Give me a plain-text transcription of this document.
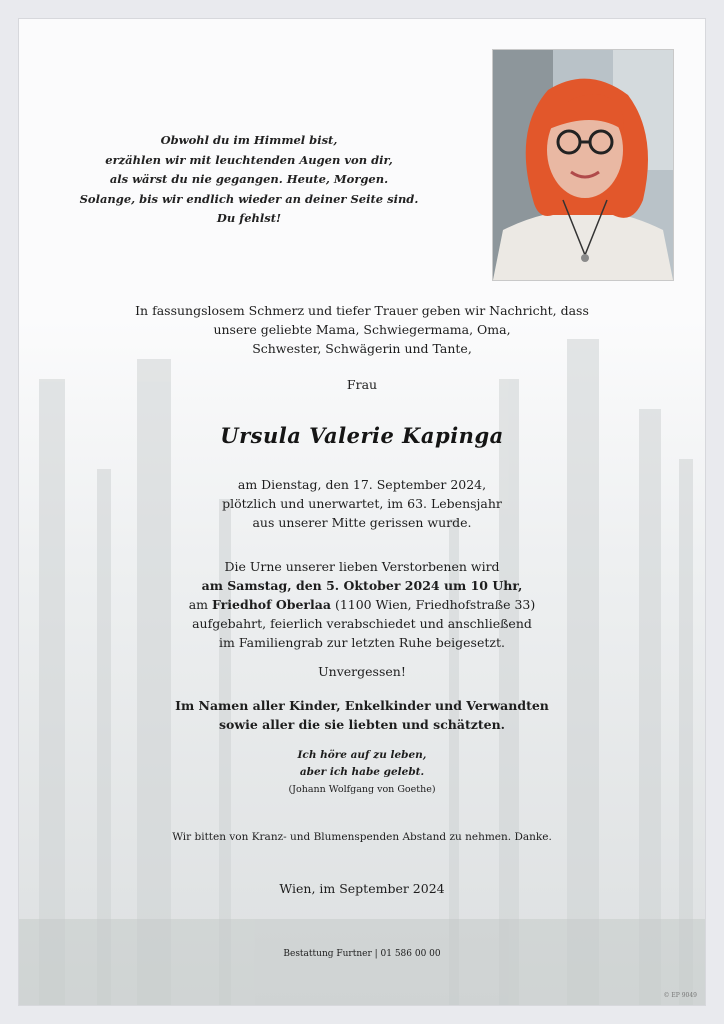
Obwohl du im Himmel bist,
erzählen wir mit leuchtenden Augen von dir,
als wärst du nie gegangen. Heute, Morgen.
Solange, bis wir endlich wieder an deiner Seite sind.
Du fehlst!
In fassungslosem Schmerz und tiefer Trauer geben wir Nachricht, dass
unsere geliebte Mama, Schwiegermama, Oma,
Schwester, Schwägerin und Tante,
Frau
Ursula Valerie Kapinga
am Dienstag, den 17. September 2024,
plötzlich und unerwartet, im 63. Lebensjahr
aus unserer Mitte gerissen wurde.
Die Urne unserer lieben Verstorbenen wird
am Samstag, den 5. Oktober 2024 um 10 Uhr,
am Friedhof Oberlaa (1100 Wien, Friedhofstraße 33)
aufgebahrt, feierlich verabschiedet und anschließend
im Familiengrab zur letzten Ruhe beigesetzt.
Unvergessen!
Im Namen aller Kinder, Enkelkinder und Verwandten
sowie aller die sie liebten und schätzten.
Ich höre auf zu leben,
aber ich habe gelebt.
(Johann Wolfgang von Goethe)
Wir bitten von Kranz- und Blumenspenden Abstand zu nehmen. Danke.
Wien, im September 2024
Bestattung Furtner | 01 586 00 00
© EP 9049
